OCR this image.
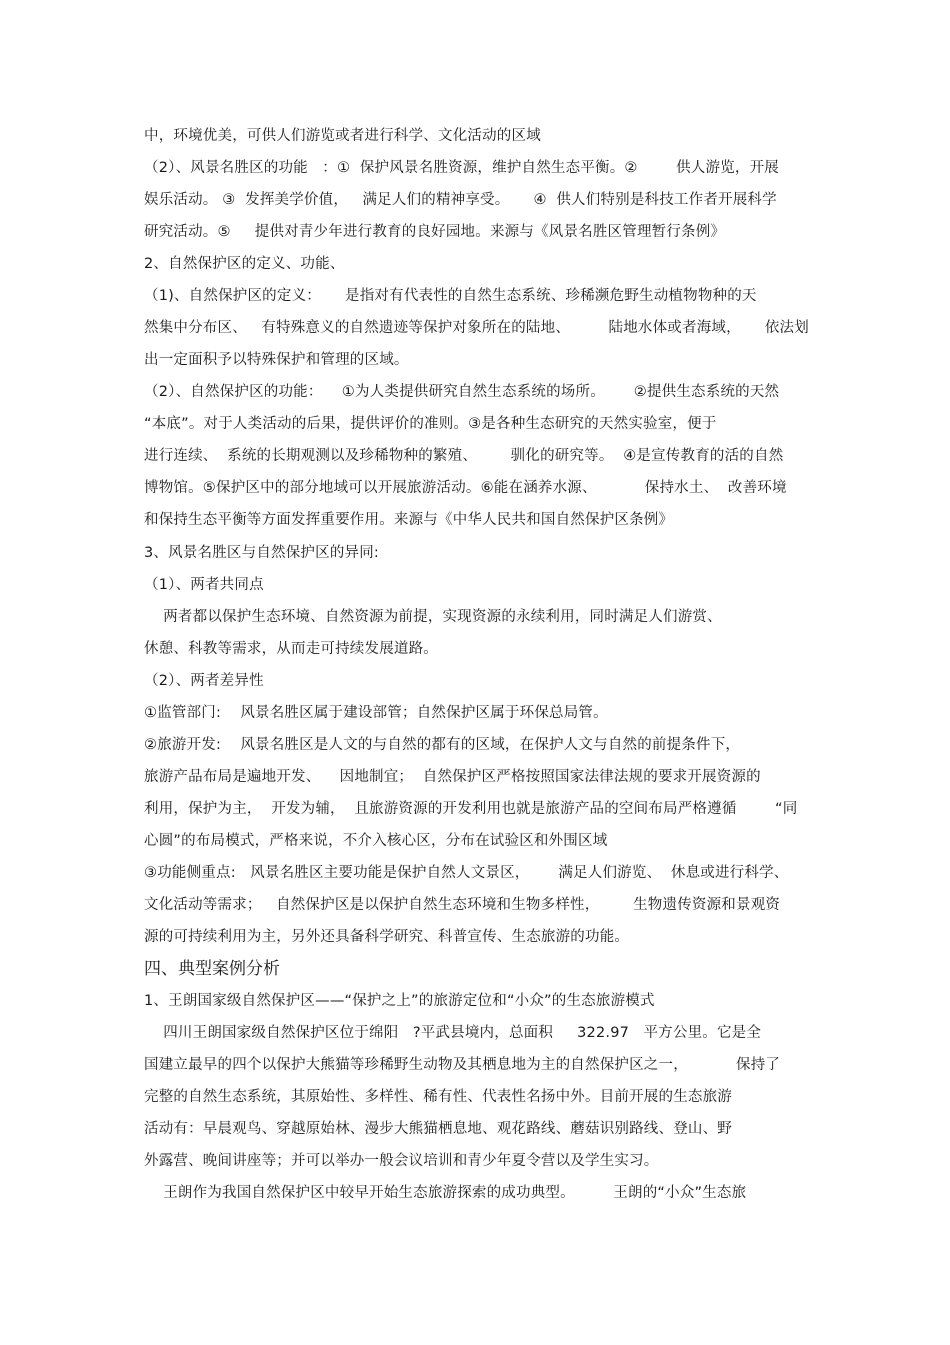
中，环境优美，可供人们游览或者进行科学、文化活动的区域
（2）、风景名胜区的功能   ：①  保护风景名胜资源，维护自然生态平衡。②        供人游览，开展
娱乐活动。 ③  发挥美学价值，   满足人们的精神享受。     ④  供人们特别是科技工作者开展科学
研究活动。⑤     提供对青少年进行教育的良好园地。来源与《风景名胜区管理暂行条例》
2、自然保护区的定义、功能、
（1)、自然保护区的定义：     是指对有代表性的自然生态系统、珍稀濒危野生动植物物种的天
然集中分布区、   有特殊意义的自然遗迹等保护对象所在的陆地、        陆地水体或者海域，     依法划
出一定面积予以特殊保护和管理的区域。
（2）、自然保护区的功能：    ①为人类提供研究自然生态系统的场所。      ②提供生态系统的天然
“本底”。对于人类活动的后果，提供评价的准则。③是各种生态研究的天然实验室，便于
进行连续、  系统的长期观测以及珍稀物种的繁殖、       驯化的研究等。  ④是宣传教育的活的自然
博物馆。⑤保护区中的部分地域可以开展旅游活动。⑥能在涵养水源、          保持水土、  改善环境
和保持生态平衡等方面发挥重要作用。来源与《中华人民共和国自然保护区条例》
3、风景名胜区与自然保护区的异同:
（1）、两者共同点
两者都以保护生态环境、自然资源为前提，实现资源的永续利用，同时满足人们游赏、
休憩、科教等需求，从而走可持续发展道路。
（2）、两者差异性
①监管部门:    风景名胜区属于建设部管；自然保护区属于环保总局管。
②旅游开发:    风景名胜区是人文的与自然的都有的区域，在保护人文与自然的前提条件下，
旅游产品布局是遍地开发、    因地制宜；  自然保护区严格按照国家法律法规的要求开展资源的
利用，保护为主，  开发为辅，  且旅游资源的开发利用也就是旅游产品的空间布局严格遵循        “同
心圆”的布局模式，严格来说，不介入核心区，分布在试验区和外围区域
③功能侧重点:   风景名胜区主要功能是保护自然人文景区，      满足人们游览、  休息或进行科学、
文化活动等需求；   自然保护区是以保护自然生态环境和生物多样性，       生物遗传资源和景观资
源的可持续利用为主，另外还具备科学研究、科普宣传、生态旅游的功能。
四、典型案例分析
1、王朗国家级自然保护区——“保护之上”的旅游定位和“小众”的生态旅游模式
四川王朗国家级自然保护区位于绵阳   ?平武县境内，总面积     322.97   平方公里。它是全
国建立最早的四个以保护大熊猫等珍稀野生动物及其栖息地为主的自然保护区之一，          保持了
完整的自然生态系统，其原始性、多样性、稀有性、代表性名扬中外。目前开展的生态旅游
活动有：早晨观鸟、穿越原始林、漫步大熊猫栖息地、观花路线、蘑菇识别路线、登山、野
外露营、晚间讲座等；并可以举办一般会议培训和青少年夏令营以及学生实习。
王朗作为我国自然保护区中较早开始生态旅游探索的成功典型。        王朗的“小众”生态旅
